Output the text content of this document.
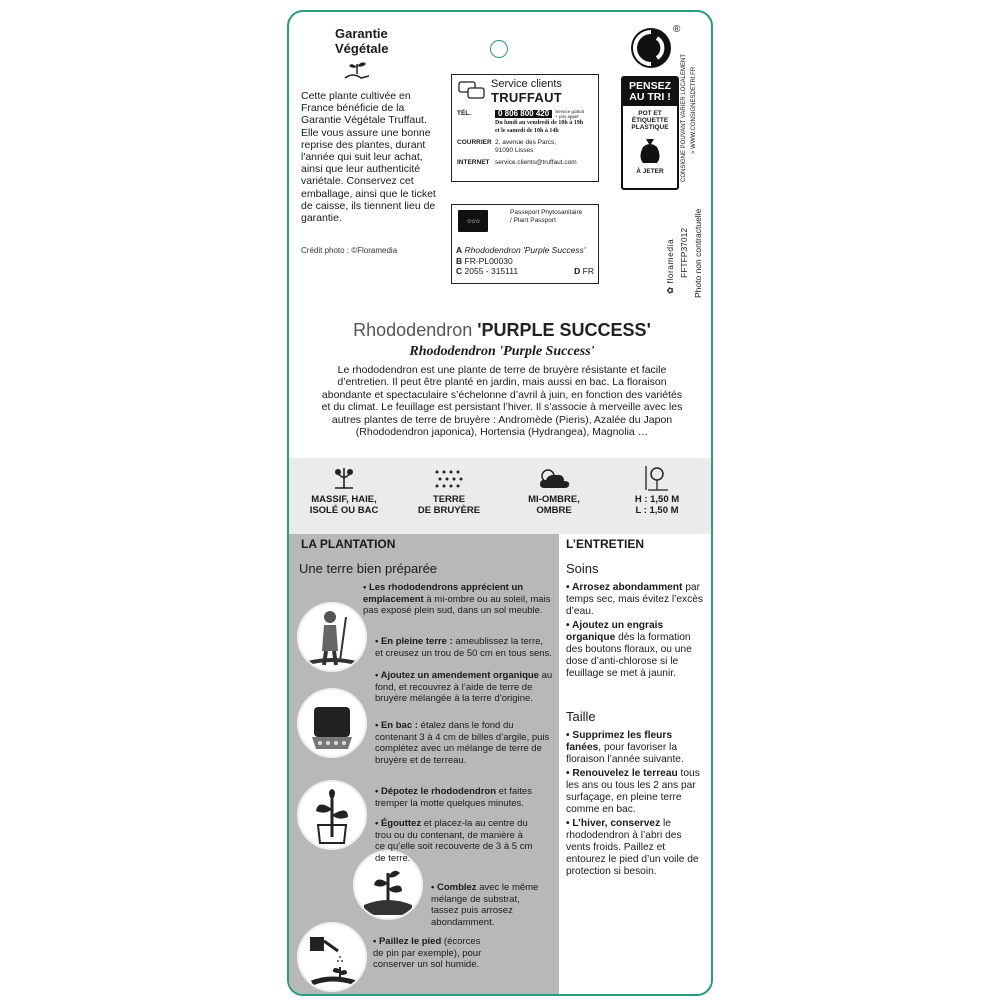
Garantie
Végétale
Cette plante cultivée en France bénéficie de la Garantie Végétale Truffaut. Elle vous assure une bonne reprise des plantes, durant l'année qui suit leur achat, ainsi que leur authenticité variétale. Conservez cet emballage, ainsi que le ticket de caisse, ils tiennent lieu de garantie.
Crédit photo : ©Floramedia
Service clients
TRUFFAUT
TÉL.	0 806 800 420	Service gratuit + prix appel
Du lundi au vendredi de 10h à 19h
et le samedi de 10h à 14h
COURRIER 2, avenue des Parcs,
91090 Lisses
INTERNET service.clients@truffaut.com
☆☆☆
Passeport Phytosanitaire
/ Plant Passport
A Rhododendron 'Purple Success'
B FR-PL00030
C 2055 - 315111	D FR
®
PENSEZ AU TRI !
POT ET ÉTIQUETTE PLASTIQUE
À JETER	CONSIGNE POUVANT VARIER LOCALEMENT > WWW.CONSIGNESDETRI.FR
✿ floramedia FFTFP37012 Photo non contractuelle
Rhododendron 'PURPLE SUCCESS'
Rhododendron 'Purple Success'
Le rhododendron est une plante de terre de bruyère résistante et facile d’entretien. Il peut être planté en jardin, mais aussi en bac. La floraison abondante et spectaculaire s’échelonne d’avril à juin, en fonction des variétés et du climat. Le feuillage est persistant l’hiver. Il s’associe à merveille avec les autres plantes de terre de bruyère : Andromède (Pieris), Azalée du Japon (Rhododendron japonica), Hortensia (Hydrangea), Magnolia …
MASSIF, HAIE,
ISOLÉ OU BAC
TERRE
DE BRUYÈRE
MI-OMBRE,
OMBRE
H : 1,50 M
L : 1,50 M
LA PLANTATION
Une terre bien préparée
• Les rhododendrons apprécient un emplacement à mi-ombre ou au soleil, mais pas exposé plein sud, dans un sol meuble.
• En pleine terre : ameublissez la terre, et creusez un trou de 50 cm en tous sens.
• Ajoutez un amendement organique au fond, et recouvrez à l’aide de terre de bruyère mélangée à la terre d’origine.
• En bac : étalez dans le fond du contenant 3 à 4 cm de billes d’argile, puis complétez avec un mélange de terre de bruyère et de terreau.
• Dépotez le rhododendron et faites tremper la motte quelques minutes.
• Égouttez et placez-la au centre du trou ou du contenant, de manière à ce qu’elle soit recouverte de 3 à 5 cm de terre.
• Comblez avec le même mélange de substrat, tassez puis arrosez abondamment.
• Paillez le pied (écorces de pin par exemple), pour conserver un sol humide.
L’ENTRETIEN
Soins
• Arrosez abondamment par temps sec, mais évitez l’excès d’eau.
• Ajoutez un engrais organique dès la formation des boutons floraux, ou une dose d’anti-chlorose si le feuillage se met à jaunir.
Taille
• Supprimez les fleurs fanées, pour favoriser la floraison l’année suivante.
• Renouvelez le terreau tous les ans ou tous les 2 ans par surfaçage, en pleine terre comme en bac.
• L’hiver, conservez le rhododendron à l’abri des vents froids. Paillez et entourez le pied d’un voile de protection si besoin.
